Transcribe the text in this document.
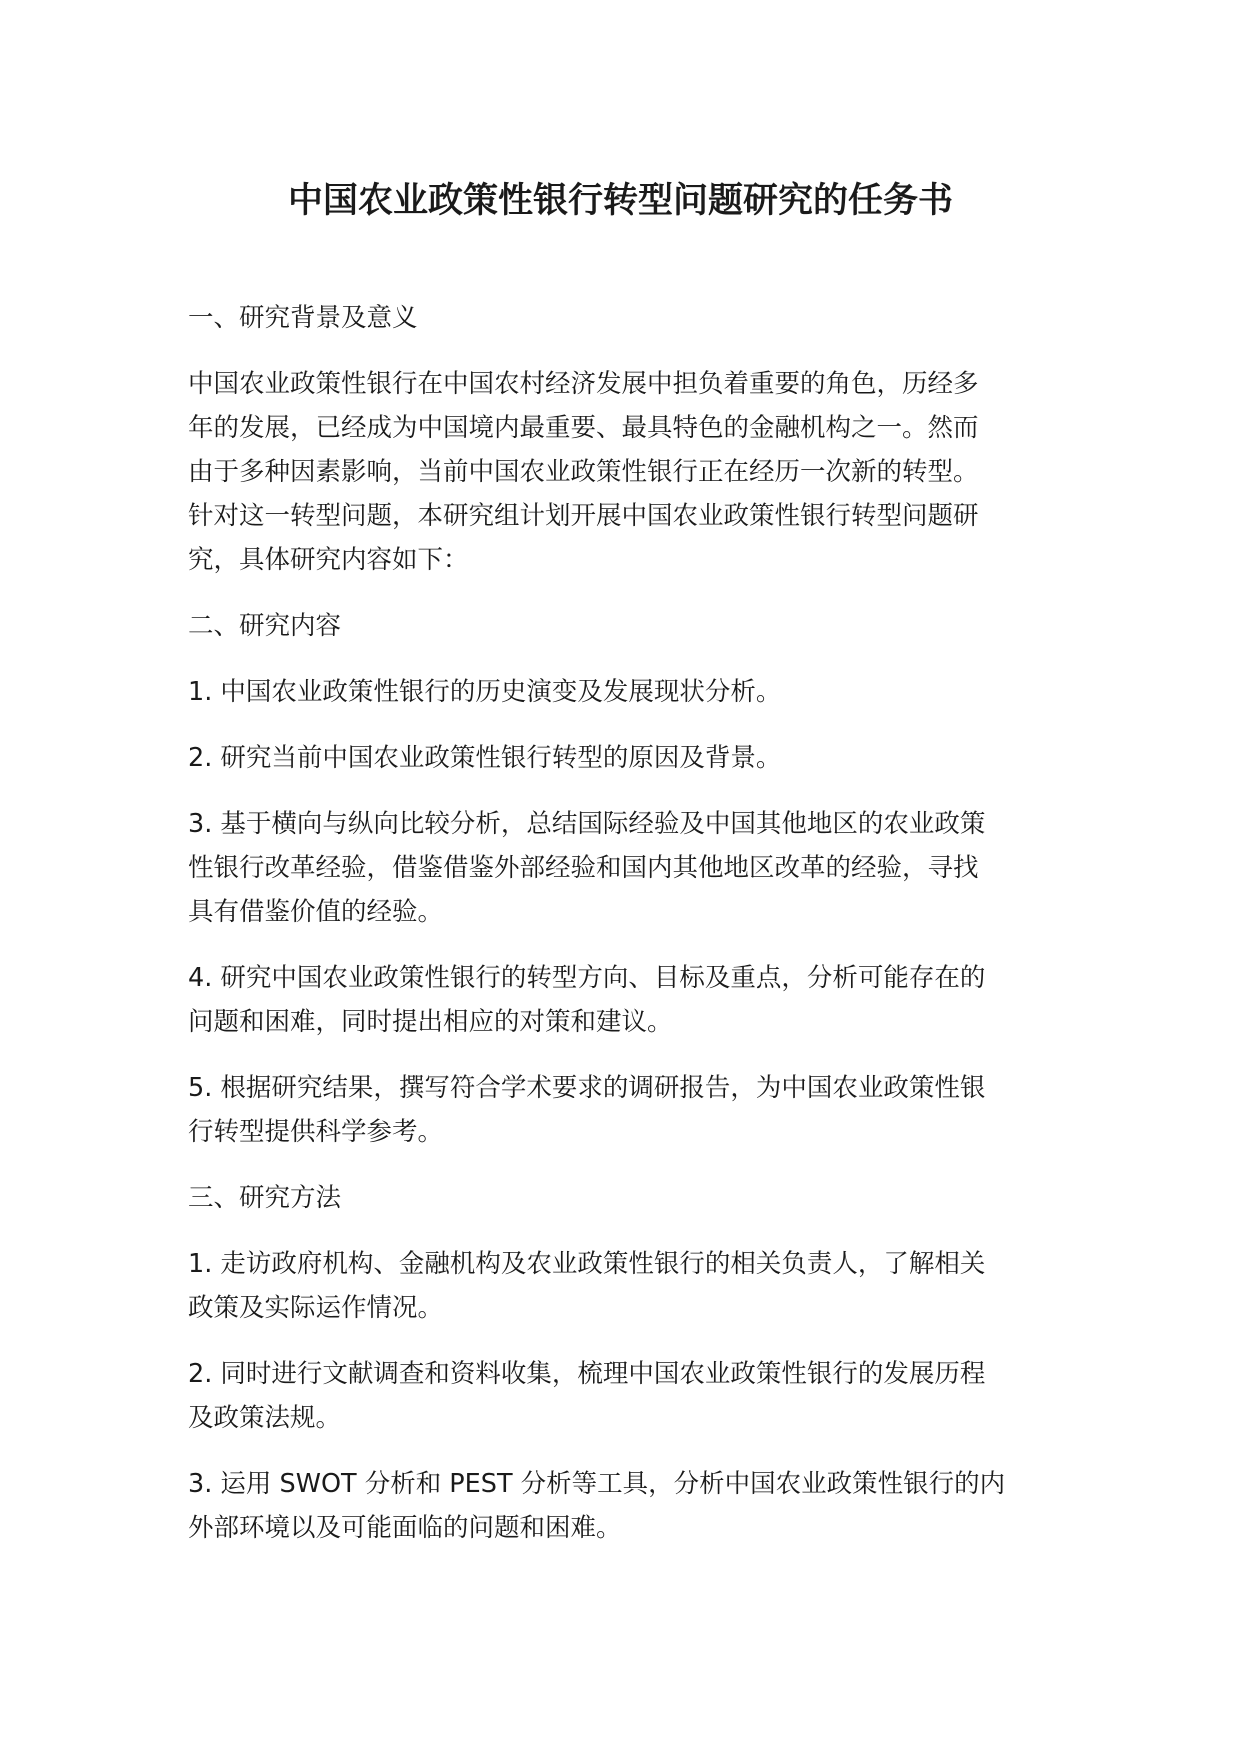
中国农业政策性银行转型问题研究的任务书

一、研究背景及意义

中国农业政策性银行在中国农村经济发展中担负着重要的角色，历经多

年的发展，已经成为中国境内最重要、最具特色的金融机构之一。然而

由于多种因素影响，当前中国农业政策性银行正在经历一次新的转型。

针对这一转型问题，本研究组计划开展中国农业政策性银行转型问题研

究，具体研究内容如下：

二、研究内容

1. 中国农业政策性银行的历史演变及发展现状分析。

2. 研究当前中国农业政策性银行转型的原因及背景。

3. 基于横向与纵向比较分析，总结国际经验及中国其他地区的农业政策

性银行改革经验，借鉴借鉴外部经验和国内其他地区改革的经验，寻找

具有借鉴价值的经验。

4. 研究中国农业政策性银行的转型方向、目标及重点，分析可能存在的

问题和困难，同时提出相应的对策和建议。

5. 根据研究结果，撰写符合学术要求的调研报告，为中国农业政策性银

行转型提供科学参考。

三、研究方法

1. 走访政府机构、金融机构及农业政策性银行的相关负责人，了解相关

政策及实际运作情况。

2. 同时进行文献调查和资料收集，梳理中国农业政策性银行的发展历程

及政策法规。

3. 运用 SWOT 分析和 PEST 分析等工具，分析中国农业政策性银行的内

外部环境以及可能面临的问题和困难。
